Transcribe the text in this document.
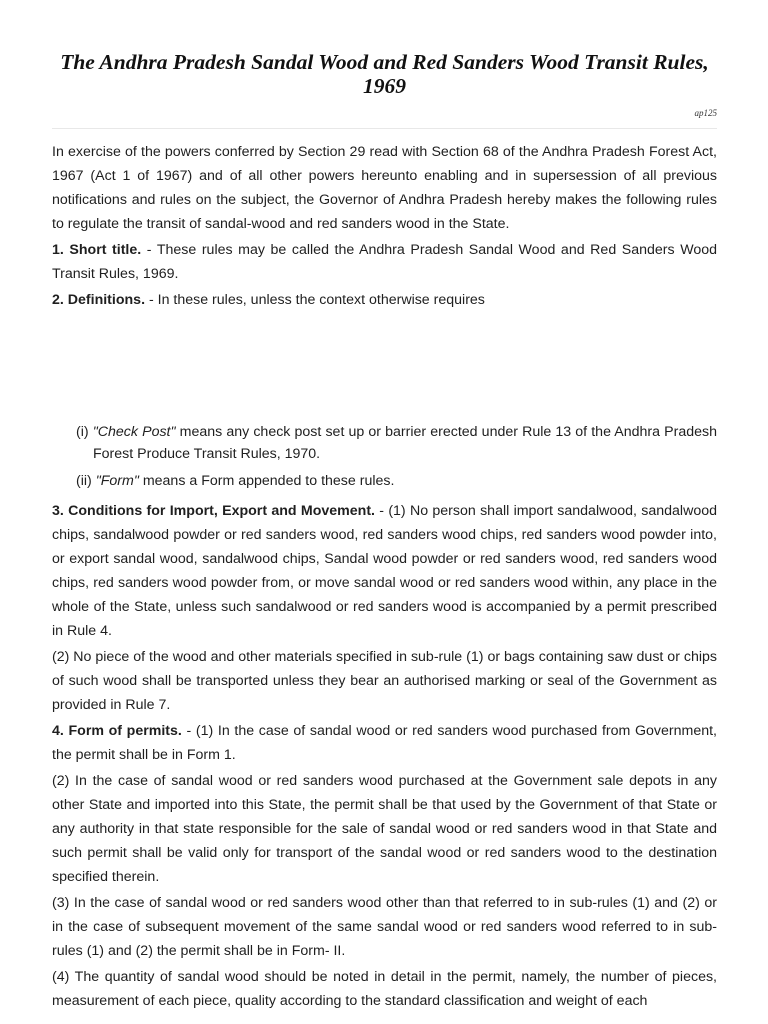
The Andhra Pradesh Sandal Wood and Red Sanders Wood Transit Rules, 1969
ap125

In exercise of the powers conferred by Section 29 read with Section 68 of the Andhra Pradesh Forest Act, 1967 (Act 1 of 1967) and of all other powers hereunto enabling and in supersession of all previous notifications and rules on the subject, the Governor of Andhra Pradesh hereby makes the following rules to regulate the transit of sandal-wood and red sanders wood in the State.

1. Short title. - These rules may be called the Andhra Pradesh Sandal Wood and Red Sanders Wood Transit Rules, 1969.

2. Definitions. - In these rules, unless the context otherwise requires

(i) "Check Post" means any check post set up or barrier erected under Rule 13 of the Andhra Pradesh Forest Produce Transit Rules, 1970.

(ii) "Form" means a Form appended to these rules.

3. Conditions for Import, Export and Movement. - (1) No person shall import sandalwood, sandalwood chips, sandalwood powder or red sanders wood, red sanders wood chips, red sanders wood powder into, or export sandal wood, sandalwood chips, Sandal wood powder or red sanders wood, red sanders wood chips, red sanders wood powder from, or move sandal wood or red sanders wood within, any place in the whole of the State, unless such sandalwood or red sanders wood is accompanied by a permit prescribed in Rule 4.

(2) No piece of the wood and other materials specified in sub-rule (1) or bags containing saw dust or chips of such wood shall be transported unless they bear an authorised marking or seal of the Government as provided in Rule 7.

4. Form of permits. - (1) In the case of sandal wood or red sanders wood purchased from Government, the permit shall be in Form 1.

(2) In the case of sandal wood or red sanders wood purchased at the Government sale depots in any other State and imported into this State, the permit shall be that used by the Government of that State or any authority in that state responsible for the sale of sandal wood or red sanders wood in that State and such permit shall be valid only for transport of the sandal wood or red sanders wood to the destination specified therein.

(3) In the case of sandal wood or red sanders wood other than that referred to in sub-rules (1) and (2) or in the case of subsequent movement of the same sandal wood or red sanders wood referred to in sub-rules (1) and (2) the permit shall be in Form- II.

(4) The quantity of sandal wood should be noted in detail in the permit, namely, the number of pieces, measurement of each piece, quality according to the standard classification and weight of each
